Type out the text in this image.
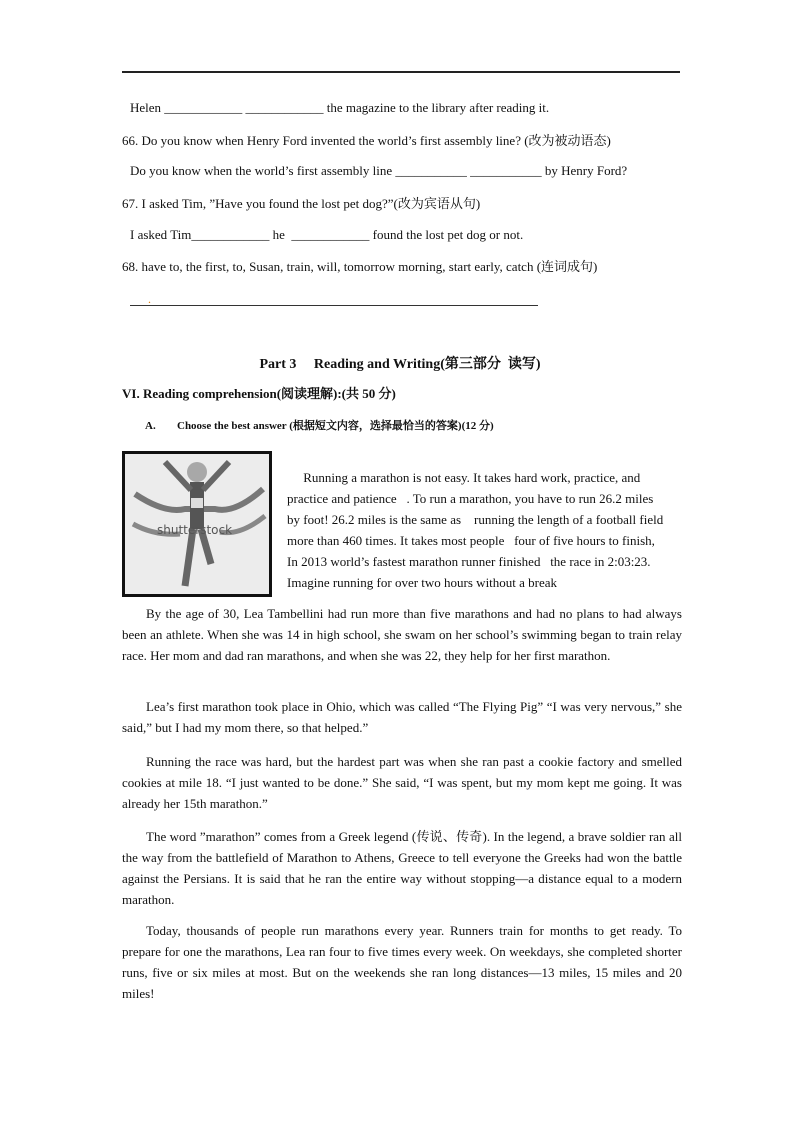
Helen ____________ ____________ the magazine to the library after reading it.
66. Do you know when Henry Ford invented the world’s first assembly line? (改为被动语态)
Do you know when the world’s first assembly line ___________ ___________ by Henry Ford?
67. I asked Tim, ”Have you found the lost pet dog?”(改为宾语从句)
I asked Tim____________ he  ____________ found the lost pet dog or not.
68. have to, the first, to, Susan, train, will, tomorrow morning, start early, catch (连词成句)
.
Part 3     Reading and Writing(第三部分  读写)
VI. Reading comprehension(阅读理解):(共 50 分)
A. Choose the best answer (根据短文内容，选择最恰当的答案)(12 分)
shutterstock
Running a marathon is not easy. It takes hard work, practice, and
practice and patience   . To run a marathon, you have to run 26.2 miles
by foot! 26.2 miles is the same as    running the length of a football field
more than 460 times. It takes most people   four of five hours to finish,
In 2013 world’s fastest marathon runner finished   the race in 2:03:23.
Imagine running for over two hours without a break

By the age of 30, Lea Tambellini had run more than five marathons and had no plans to had always been an athlete. When she was 14 in high school, she swam on her school’s swimming began to train relay race. Her mom and dad ran marathons, and when she was 22, they help for her first marathon.

Lea’s first marathon took place in Ohio, which was called “The Flying Pig” “I was very nervous,” she said,” but I had my mom there, so that helped.”

Running the race was hard, but the hardest part was when she ran past a cookie factory and smelled cookies at mile 18. “I just wanted to be done.” She said, “I was spent, but my mom kept me going. It was already her 15th marathon.”

The word ”marathon” comes from a Greek legend (传说、传奇). In the legend, a brave soldier ran all the way from the battlefield of Marathon to Athens, Greece to tell everyone the Greeks had won the battle against the Persians. It is said that he ran the entire way without stopping—a distance equal to a modern marathon.

Today, thousands of people run marathons every year. Runners train for months to get ready. To prepare for one the marathons, Lea ran four to five times every week. On weekdays, she completed shorter runs, five or six miles at most. But on the weekends she ran long distances—13 miles, 15 miles and 20 miles!
